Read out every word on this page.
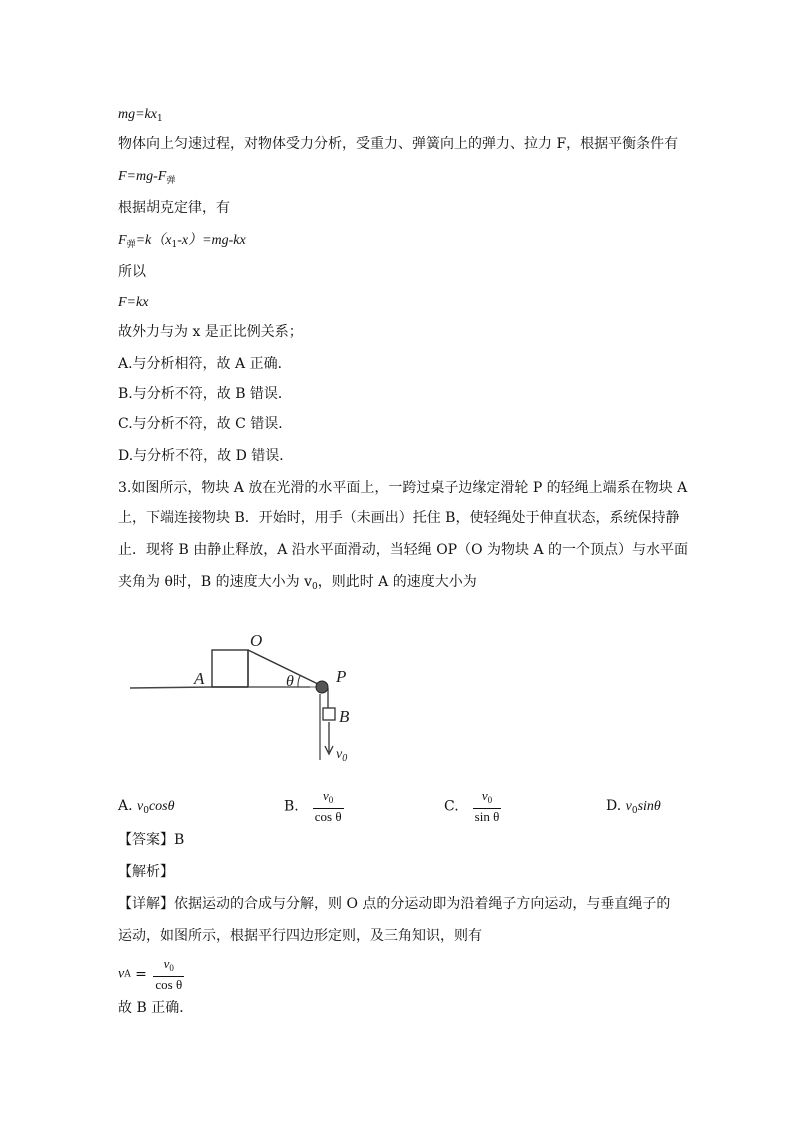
$mg=kx_1$
物体向上匀速过程，对物体受力分析，受重力、弹簧向上的弹力、拉力 F，根据平衡条件有
$F=mg-F_弹$
根据胡克定律，有
$F_弹=k(x_1-x)=mg-kx$
所以
F=kx
故外力与为 x 是正比例关系；
A.与分析相符，故 A 正确．
B.与分析不符，故 B 错误．
C.与分析不符，故 C 错误．
D.与分析不符，故 D 错误．
3.如图所示，物块 A 放在光滑的水平面上，一跨过桌子边缘定滑轮 P 的轻绳上端系在物块 A
上，下端连接物块 B．开始时，用手（未画出）托住 B，使轻绳处于伸直状态，系统保持静
止．现将 B 由静止释放，A 沿水平面滑动，当轻绳 OP（O 为物块 A 的一个顶点）与水平面
夹角为 θ时，B 的速度大小为 $v_0$，则此时 A 的速度大小为
A
O
θ P
B
$v_0$
A. $v_0\cos\theta$	B. $\frac{v_0}{\text{cos θ}}$	C. $\frac{v_0}{\text{sin θ}}$	D. $v_0\sin\theta$
【答案】B
【解析】
【详解】依据运动的合成与分解，则 O 点的分运动即为沿着绳子方向运动，与垂直绳子的
运动，如图所示，根据平行四边形定则，及三角知识，则有
vA = $\frac{v_0}{\text{cos θ}}$
故 B 正确．
